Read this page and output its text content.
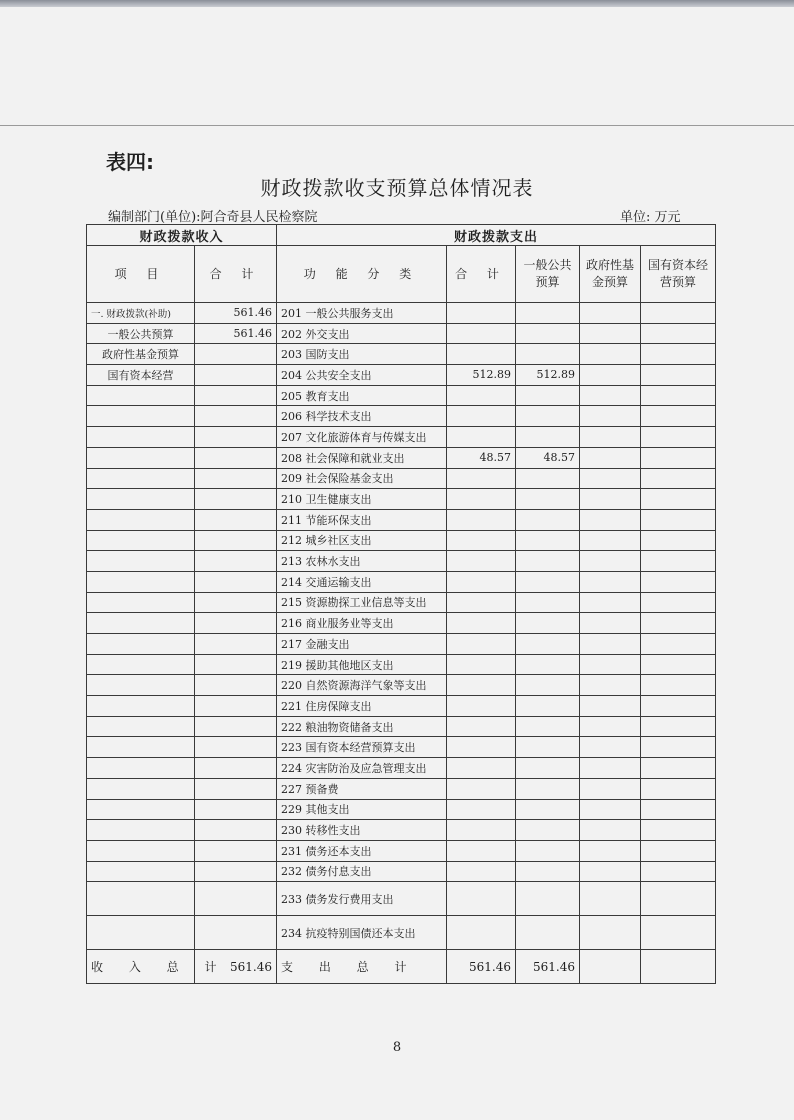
表四:
财政拨款收支预算总体情况表
编制部门(单位):阿合奇县人民检察院	单位: 万元
财政拨款收入		财政拨款支出				
项 目	合 计	功 能 分 类	合 计	一般公共预算	政府性基金预算	国有资本经营预算
一. 财政拨款(补助)	561.46	201 一般公共服务支出				
一般公共预算	561.46	202 外交支出				
政府性基金预算		203 国防支出				
国有资本经营		204 公共安全支出	512.89	512.89		
		205 教育支出				
		206 科学技术支出				
		207 文化旅游体育与传媒支出				
		208 社会保障和就业支出	48.57	48.57		
		209 社会保险基金支出				
		210 卫生健康支出				
		211 节能环保支出				
		212 城乡社区支出				
		213 农林水支出				
		214 交通运输支出				
		215 资源勘探工业信息等支出				
		216 商业服务业等支出				
		217 金融支出				
		219 援助其他地区支出				
		220 自然资源海洋气象等支出				
		221 住房保障支出				
		222 粮油物资储备支出				
		223 国有资本经营预算支出				
		224 灾害防治及应急管理支出				
		227 预备费				
		229 其他支出				
		230 转移性支出				
		231 债务还本支出				
		232 债务付息支出				
		233 债务发行费用支出				
		234 抗疫特别国债还本支出				
收 入 总 计	561.46	支 出 总 计	561.46	561.46		
8
